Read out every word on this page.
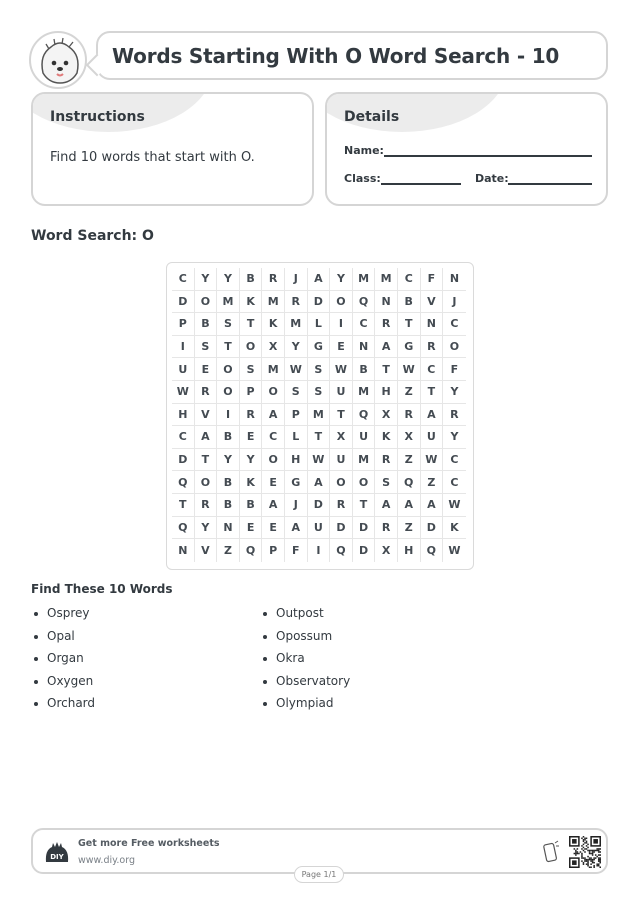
Words Starting With O Word Search - 10
Instructions
Find 10 words that start with O.
Details
Name:
Class:	Date:
Word Search: O
C	Y	Y	B	R	J	A	Y	M	M	C	F	N
D	O	M	K	M	R	D	O	Q	N	B	V	J
P	B	S	T	K	M	L	I	C	R	T	N	C
I	S	T	O	X	Y	G	E	N	A	G	R	O
U	E	O	S	M	W	S	W	B	T	W	C	F
W	R	O	P	O	S	S	U	M	H	Z	T	Y
H	V	I	R	A	P	M	T	Q	X	R	A	R
C	A	B	E	C	L	T	X	U	K	X	U	Y
D	T	Y	Y	O	H	W	U	M	R	Z	W	C
Q	O	B	K	E	G	A	O	O	S	Q	Z	C
T	R	B	B	A	J	D	R	T	A	A	A	W
Q	Y	N	E	E	A	U	D	D	R	Z	D	K
N	V	Z	Q	P	F	I	Q	D	X	H	Q	W
Find These 10 Words
Osprey
Opal
Organ
Oxygen
Orchard
Outpost
Opossum
Okra
Observatory
Olympiad
DIY
Get more Free worksheets
www.diy.org
Page 1/1
